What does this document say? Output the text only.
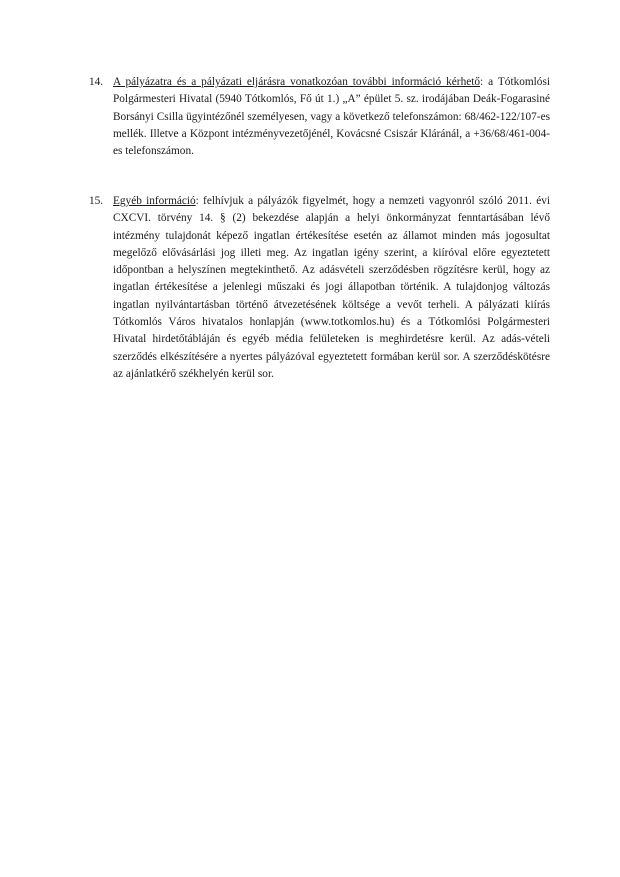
14. A pályázatra és a pályázati eljárásra vonatkozóan további információ kérhető: a Tótkomlósi Polgármesteri Hivatal (5940 Tótkomlós, Fő út 1.) „A” épület 5. sz. irodájában Deák-Fogarasiné Borsányi Csilla ügyintézőnél személyesen, vagy a következő telefonszámon: 68/462-122/107-es mellék. Illetve a Központ intézményvezetőjénél, Kovácsné Csiszár Kláránál, a +36/68/461-004-es telefonszámon.
15. Egyéb információ: felhívjuk a pályázók figyelmét, hogy a nemzeti vagyonról szóló 2011. évi CXCVI. törvény 14. § (2) bekezdése alapján a helyi önkormányzat fenntartásában lévő intézmény tulajdonát képező ingatlan értékesítése esetén az államot minden más jogosultat megelőző elővásárlási jog illeti meg. Az ingatlan igény szerint, a kiíróval előre egyeztetett időpontban a helyszínen megtekinthető. Az adásvételi szerződésben rögzítésre kerül, hogy az ingatlan értékesítése a jelenlegi műszaki és jogi állapotban történik. A tulajdonjog változás ingatlan nyilvántartásban történő átvezetésének költsége a vevőt terheli. A pályázati kiírás Tótkomlós Város hivatalos honlapján (www.totkomlos.hu) és a Tótkomlósi Polgármesteri Hivatal hirdetőtábláján és egyéb média felületeken is meghirdetésre kerül. Az adás-vételi szerződés elkészítésére a nyertes pályázóval egyeztetett formában kerül sor. A szerződéskötésre az ajánlatkérő székhelyén kerül sor.
